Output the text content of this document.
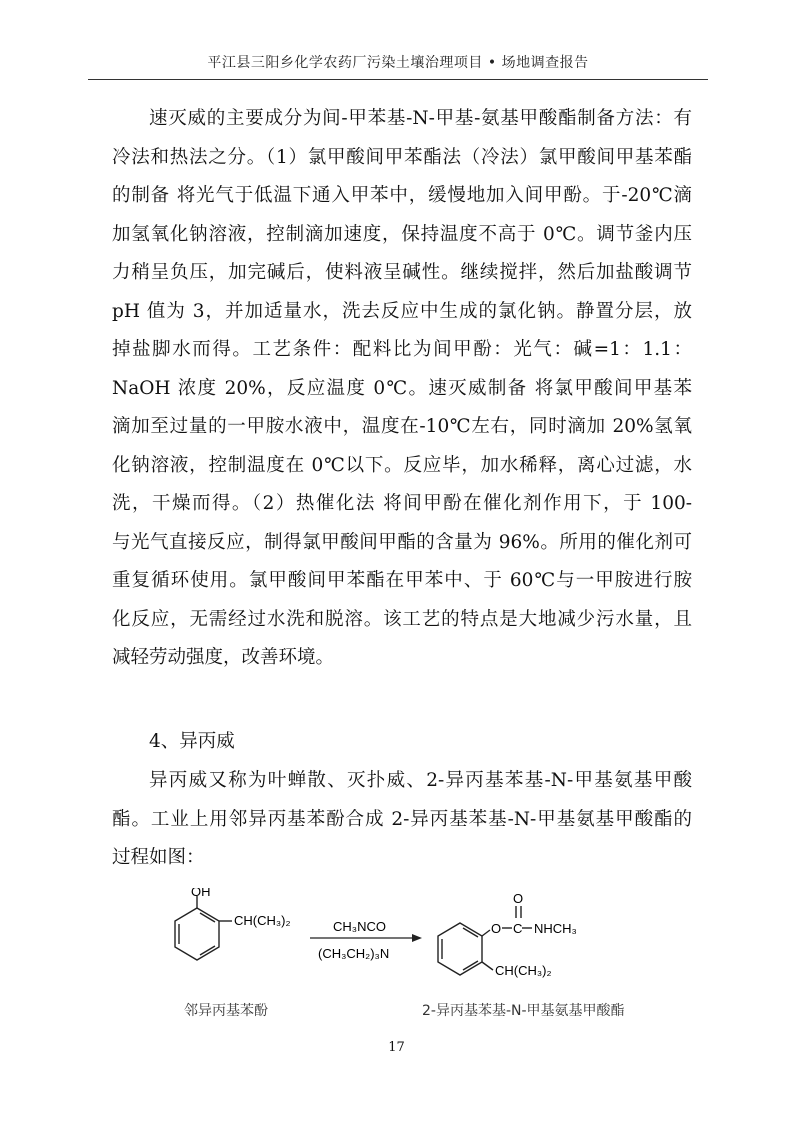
平江县三阳乡化学农药厂污染土壤治理项目 • 场地调查报告
速灭威的主要成分为间-甲苯基-N-甲基-氨基甲酸酯制备方法：有
冷法和热法之分。（1）氯甲酸间甲苯酯法（冷法）氯甲酸间甲基苯酯
的制备 将光气于低温下通入甲苯中，缓慢地加入间甲酚。于-20℃滴
加氢氧化钠溶液，控制滴加速度，保持温度不高于 0℃。调节釜内压
力稍呈负压，加完碱后，使料液呈碱性。继续搅拌，然后加盐酸调节
pH 值为 3，并加适量水，洗去反应中生成的氯化钠。静置分层，放
掉盐脚水而得。工艺条件：配料比为间甲酚：光气：碱=1：1.1：
NaOH 浓度 20%，反应温度 0℃。速灭威制备 将氯甲酸间甲基苯
滴加至过量的一甲胺水液中，温度在-10℃左右，同时滴加 20%氢氧
化钠溶液，控制温度在 0℃以下。反应毕，加水稀释，离心过滤，水
洗，干燥而得。（2）热催化法 将间甲酚在催化剂作用下，于 100-
与光气直接反应，制得氯甲酸间甲酯的含量为 96%。所用的催化剂可
重复循环使用。氯甲酸间甲苯酯在甲苯中、于 60℃与一甲胺进行胺
化反应，无需经过水洗和脱溶。该工艺的特点是大地减少污水量，且
减轻劳动强度，改善环境。
4、异丙威
异丙威又称为叶蝉散、灭扑威、2-异丙基苯基-N-甲基氨基甲酸
酯。工业上用邻异丙基苯酚合成 2-异丙基苯基-N-甲基氨基甲酸酯的
过程如图：
OH
CH(CH₃)₂	CH₃NCO
(CH₃CH₂)₃N
O C
O
NHCH₃
CH(CH₃)₂
邻异丙基苯酚	2-异丙基苯基-N-甲基氨基甲酸酯
17
